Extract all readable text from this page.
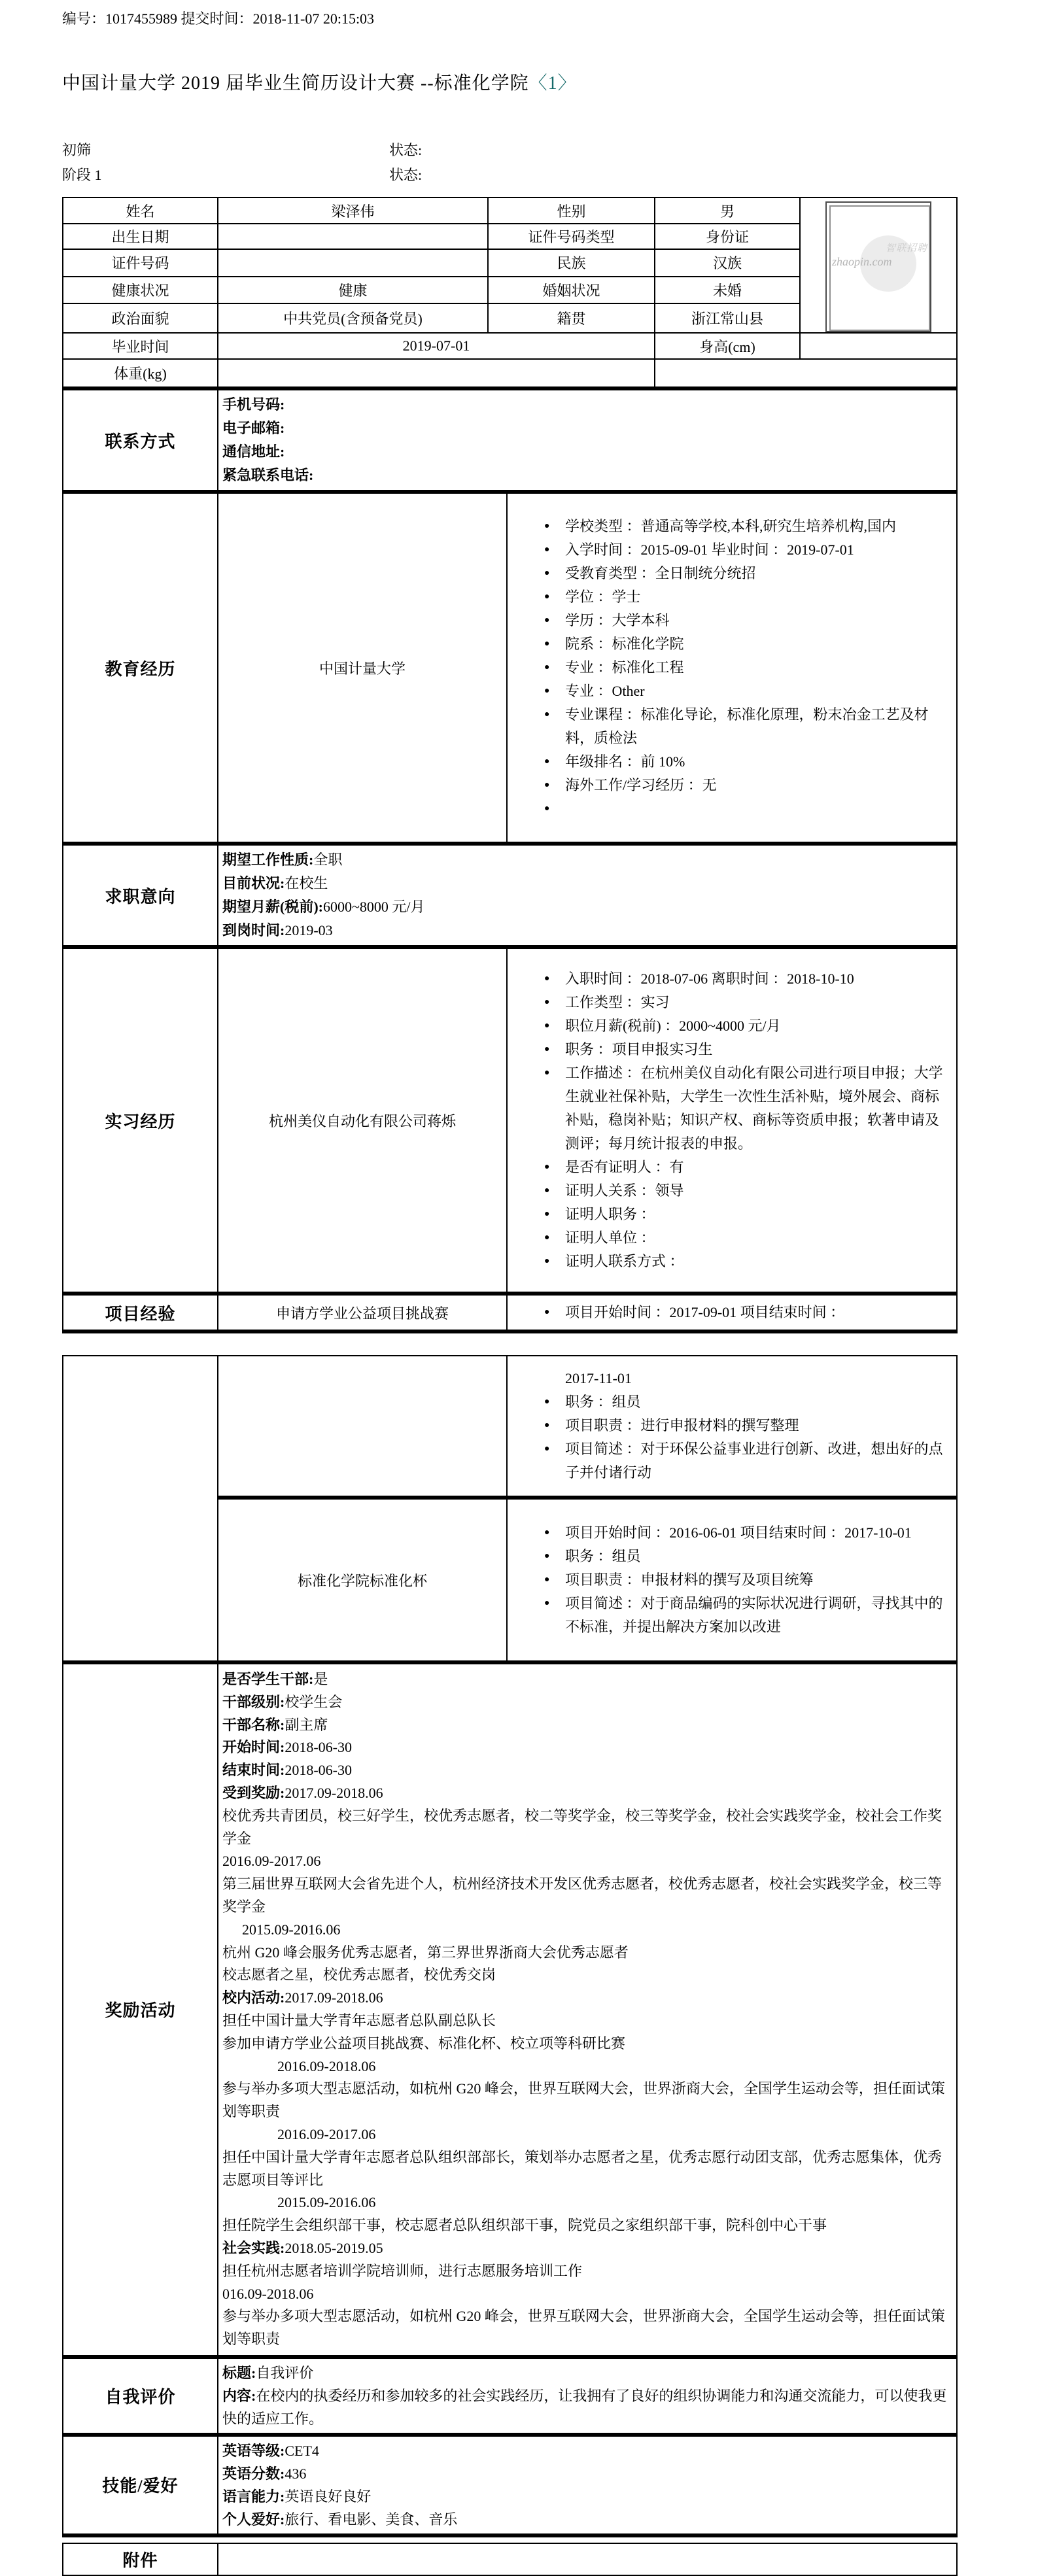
编号：1017455989 提交时间：2018-11-07 20:15:03
中国计量大学 2019 届毕业生简历设计大赛 --标准化学院〈1〉
初筛	状态:
阶段 1	状态:
姓名	梁泽伟	性别	男	智联招聘
zhaopin.com

出生日期		证件号码类型	身份证	
证件号码		民族	汉族	
健康状况	健康	婚姻状况	未婚	
政治面貌	中共党员(含预备党员)	籍贯	浙江常山县	
毕业时间	2019-07-01		身高(cm)	
体重(kg)				
联系方式	手机号码:
电子邮箱:
通信地址:
紧急联系电话:	

教育经历	中国计量大学	
● 学校类型 ：普通高等学校,本科,研究生培养机构,国内
● 入学时间 ：2015-09-01 毕业时间 ：2019-07-01
● 受教育类型 ：全日制统分统招
● 学位 ：学士
● 学历 ：大学本科
● 院系 ：标准化学院
● 专业 ：标准化工程
● 专业 ：Other
● 专业课程 ：标准化导论，标准化原理，粉末冶金工艺及材料，质检法
● 年级排名 ：前 10%
● 海外工作/学习经历 ：无
●

求职意向	期望工作性质:全职
目前状况:在校生
期望月薪(税前):6000~8000 元/月
到岗时间:2019-03	

实习经历	杭州美仪自动化有限公司蒋烁	
● 入职时间 ：2018-07-06 离职时间 ：2018-10-10
● 工作类型 ：实习
● 职位月薪(税前) ：2000~4000 元/月
● 职务 ：项目申报实习生
● 工作描述 ：在杭州美仪自动化有限公司进行项目申报；大学生就业社保补贴，大学生一次性生活补贴，境外展会、商标补贴，稳岗补贴；知识产权、商标等资质申报；软著申请及测评；每月统计报表的申报。
● 是否有证明人 ：有
● 证明人关系 ：领导
● 证明人职务 ：
● 证明人单位 ：
● 证明人联系方式 ：

项目经验	申请方学业公益项目挑战赛	● 项目开始时间 ：2017-09-01 项目结束时间 ：

2017-11-01
● 职务 ：组员
● 项目职责 ：进行申报材料的撰写整理
● 项目简述 ：对于环保公益事业进行创新、改进，想出好的点子并付诸行动

标准化学院标准化杯	
● 项目开始时间 ：2016-06-01 项目结束时间 ：2017-10-01
● 职务 ：组员
● 项目职责 ：申报材料的撰写及项目统筹
● 项目简述 ：对于商品编码的实际状况进行调研，寻找其中的不标准，并提出解决方案加以改进

奖励活动	
是否学生干部:是
干部级别:校学生会
干部名称:副主席
开始时间:2018-06-30
结束时间:2018-06-30
受到奖励:2017.09-2018.06
校优秀共青团员，校三好学生，校优秀志愿者，校二等奖学金，校三等奖学金，校社会实践奖学金，校社会工作奖学金
2016.09-2017.06
第三届世界互联网大会省先进个人，杭州经济技术开发区优秀志愿者，校优秀志愿者，校社会实践奖学金，校三等奖学金
2015.09-2016.06
杭州 G20 峰会服务优秀志愿者，第三界世界浙商大会优秀志愿者
校志愿者之星，校优秀志愿者，校优秀交岗
校内活动:2017.09-2018.06
担任中国计量大学青年志愿者总队副总队长
参加申请方学业公益项目挑战赛、标准化杯、校立项等科研比赛
2016.09-2018.06
参与举办多项大型志愿活动，如杭州 G20 峰会，世界互联网大会，世界浙商大会，全国学生运动会等，担任面试策划等职责
2016.09-2017.06
担任中国计量大学青年志愿者总队组织部部长，策划举办志愿者之星，优秀志愿行动团支部，优秀志愿集体，优秀志愿项目等评比
2015.09-2016.06
担任院学生会组织部干事，校志愿者总队组织部干事，院党员之家组织部干事，院科创中心干事
社会实践:2018.05-2019.05
担任杭州志愿者培训学院培训师，进行志愿服务培训工作
016.09-2018.06
参与举办多项大型志愿活动，如杭州 G20 峰会，世界互联网大会，世界浙商大会，全国学生运动会等，担任面试策划等职责

自我评价	标题:自我评价
内容:在校内的执委经历和参加较多的社会实践经历，让我拥有了良好的组织协调能力和沟通交流能力，可以使我更快的适应工作。	

技能/爱好	英语等级:CET4
英语分数:436
语言能力:英语良好良好
个人爱好:旅行、看电影、美食、音乐	
附件	
